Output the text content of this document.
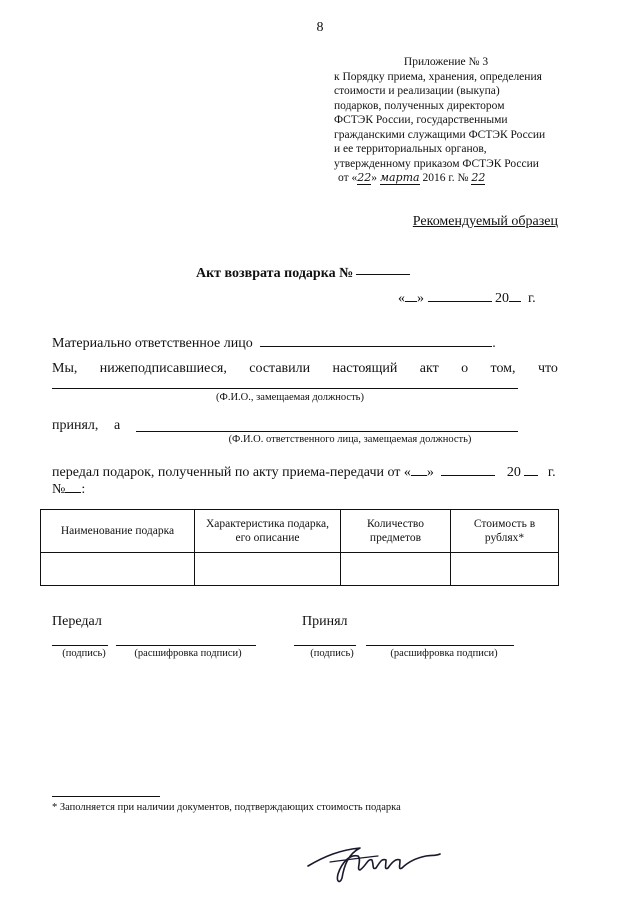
8
Приложение № 3
к Порядку приема, хранения, определения
стоимости и реализации (выкупа)
подарков, полученных директором
ФСТЭК России, государственными
гражданскими служащими ФСТЭК России
и ее территориальных органов,
утвержденному приказом ФСТЭК России
от «22» марта 2016 г. № 22
Рекомендуемый образец
Акт возврата подарка №
« »	20 г.
Материально ответственное лицо	.
Мы, нижеподписавшиеся, составили настоящий акт о том, что
(Ф.И.О., замещаемая должность)
принял, а
(Ф.И.О. ответственного лица, замещаемая должность)
передал подарок, полученный по акту приема-передачи от « »	20 г.
№ :
Наименование подарка	Характеристика подарка, его описание	Количество предметов	Стоимость в рублях*

Передал	Принял
(подпись)	(расшифровка подписи)	(подпись)	(расшифровка подписи)
* Заполняется при наличии документов, подтверждающих стоимость подарка
